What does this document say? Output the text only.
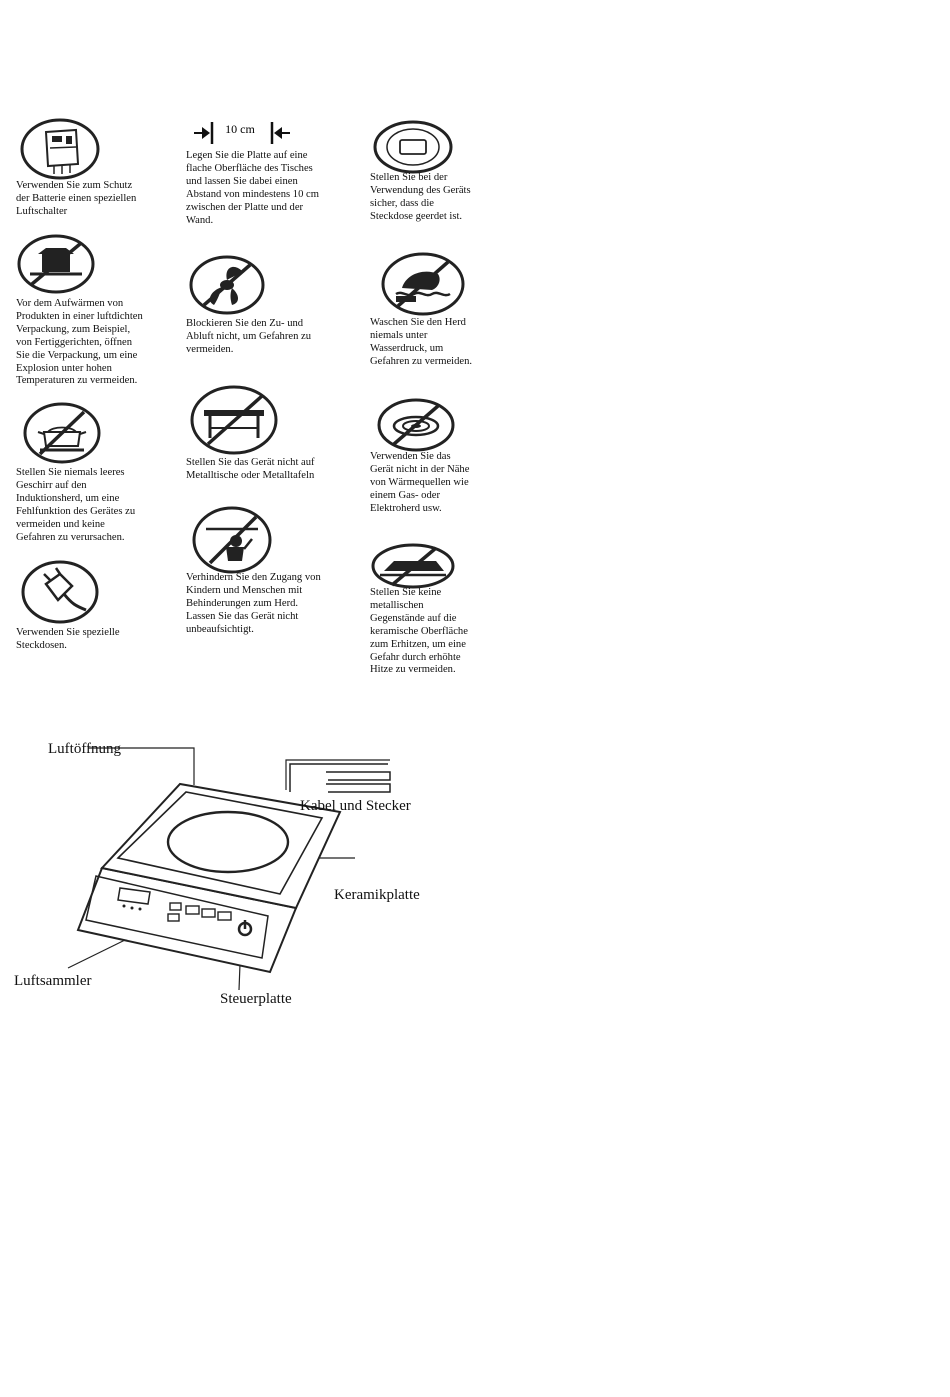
10 cm
Verwenden Sie zum Schutz
der Batterie einen speziellen
Luftschalter
Legen Sie die Platte auf eine
flache Oberfläche des Tisches
und lassen Sie dabei einen
Abstand von mindestens 10 cm
zwischen der Platte und der
Wand.
Stellen Sie bei der
Verwendung des Geräts
sicher, dass die
Steckdose geerdet ist.
Vor dem Aufwärmen von
Produkten in einer luftdichten
Verpackung, zum Beispiel,
von Fertiggerichten, öffnen
Sie die Verpackung, um eine
Explosion unter hohen
Temperaturen zu vermeiden.
Blockieren Sie den Zu- und
Abluft nicht, um Gefahren zu
vermeiden.
Waschen Sie den Herd
niemals unter
Wasserdruck, um
Gefahren zu vermeiden.
Stellen Sie niemals leeres
Geschirr auf den
Induktionsherd, um eine
Fehlfunktion des Gerätes zu
vermeiden und keine
Gefahren zu verursachen.
Stellen Sie das Gerät nicht auf
Metalltische oder Metalltafeln
Verwenden Sie das
Gerät nicht in der Nähe
von Wärmequellen wie
einem Gas- oder
Elektroherd usw.
Verwenden Sie spezielle
Steckdosen.
Verhindern Sie den Zugang von
Kindern und Menschen mit
Behinderungen zum Herd.
Lassen Sie das Gerät nicht
unbeaufsichtigt.
Stellen Sie keine
metallischen
Gegenstände auf die
keramische Oberfläche
zum Erhitzen, um eine
Gefahr durch erhöhte
Hitze zu vermeiden.
Luftöffnung
Kabel und Stecker
Keramikplatte
Luftsammler
Steuerplatte
